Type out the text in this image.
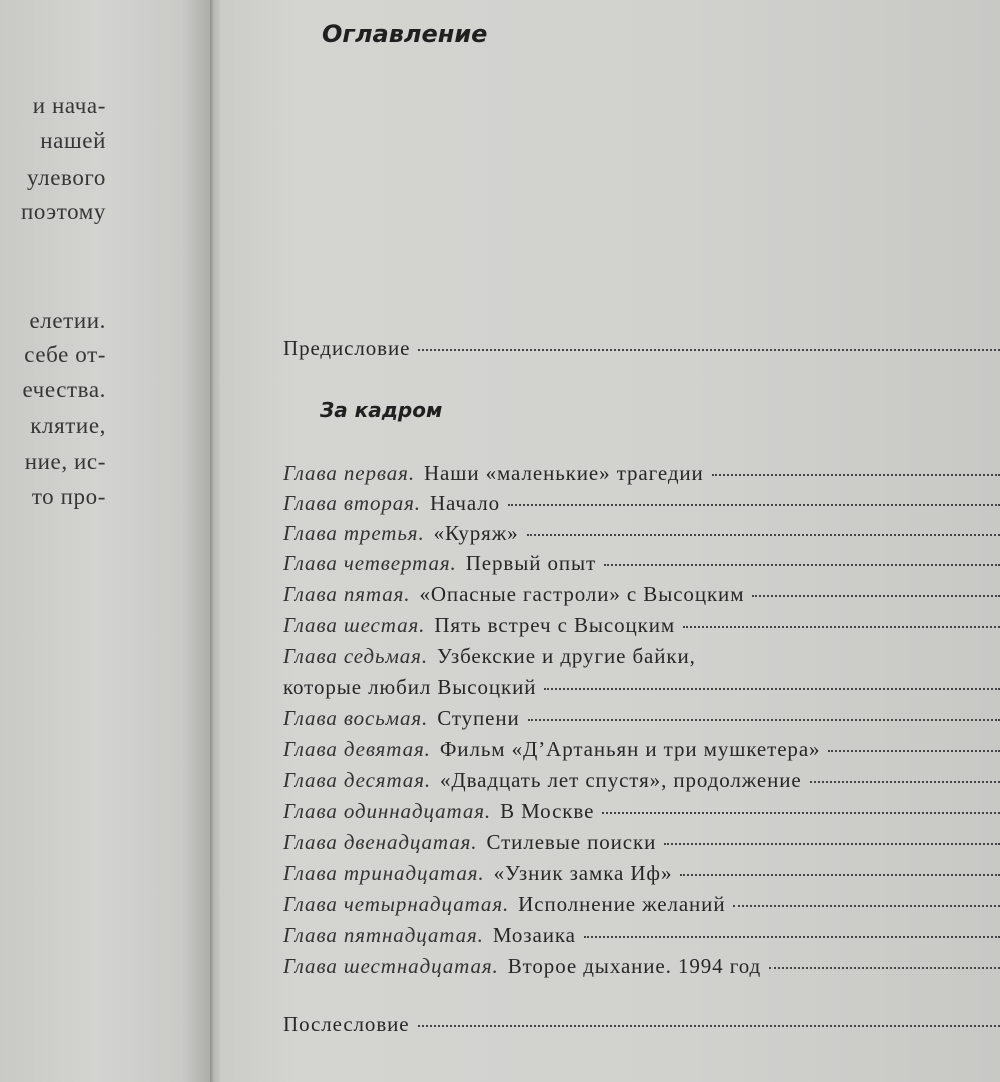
и нача-
нашей
улевого
поэтому
елетии.
себе от-
ечества.
клятие,
ние, ис-
то про-
Оглавление
Предисловие
За кадром
Глава первая. Наши «маленькие» трагедии
Глава вторая. Начало
Глава третья. «Куряж»
Глава четвертая. Первый опыт
Глава пятая. «Опасные гастроли» с Высоцким
Глава шестая. Пять встреч с Высоцким
Глава седьмая. Узбекские и другие байки,
которые любил Высоцкий
Глава восьмая. Ступени
Глава девятая. Фильм «Д’Артаньян и три мушкетера»
Глава десятая. «Двадцать лет спустя», продолжение
Глава одиннадцатая. В Москве
Глава двенадцатая. Стилевые поиски
Глава тринадцатая. «Узник замка Иф»
Глава четырнадцатая. Исполнение желаний
Глава пятнадцатая. Мозаика
Глава шестнадцатая. Второе дыхание. 1994 год
Послесловие
